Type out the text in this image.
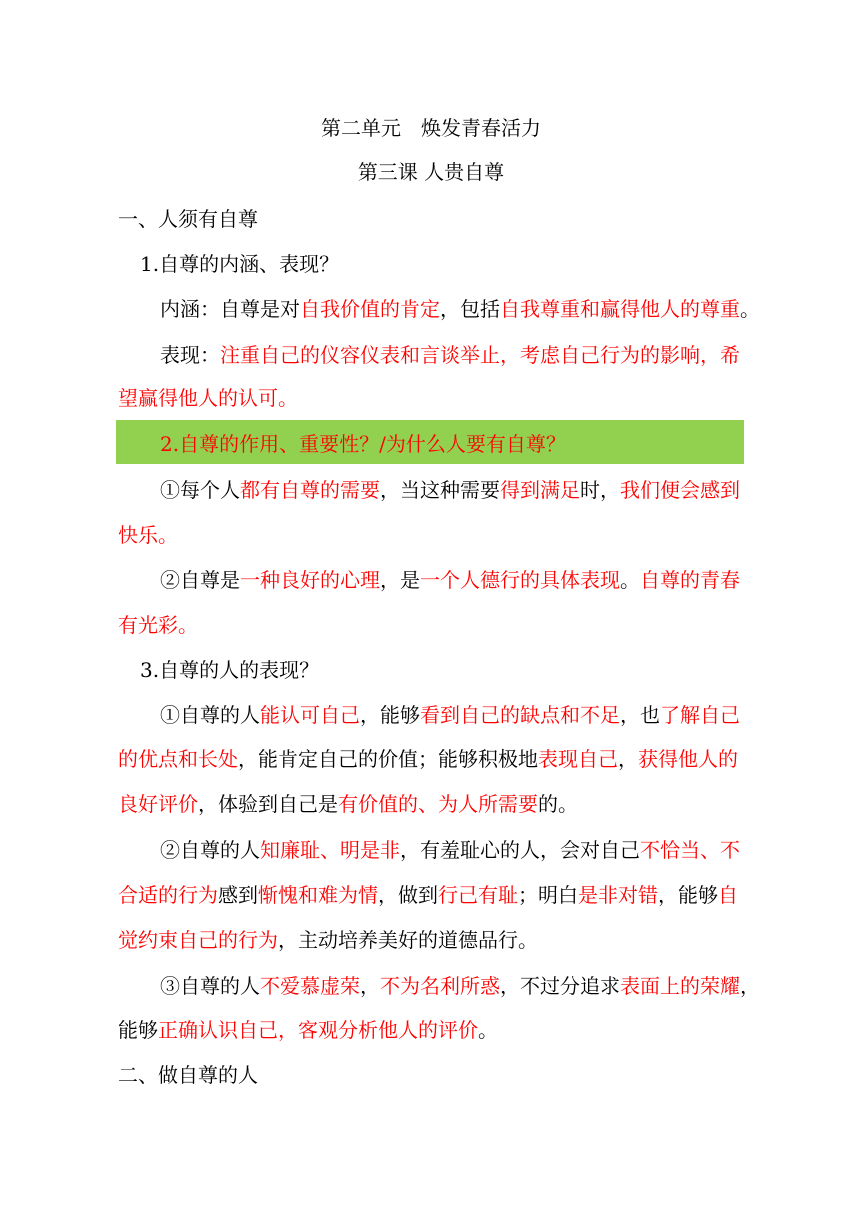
第二单元　焕发青春活力
第三课 人贵自尊
一、人须有自尊
1.自尊的内涵、表现？
内涵：自尊是对自我价值的肯定，包括自我尊重和赢得他人的尊重。
表现：注重自己的仪容仪表和言谈举止，考虑自己行为的影响，希
望赢得他人的认可。
2.自尊的作用、重要性？/为什么人要有自尊？
①每个人都有自尊的需要，当这种需要得到满足时，我们便会感到
快乐。
②自尊是一种良好的心理，是一个人德行的具体表现。自尊的青春
有光彩。
3.自尊的人的表现？
①自尊的人能认可自己，能够看到自己的缺点和不足，也了解自己
的优点和长处，能肯定自己的价值；能够积极地表现自己，获得他人的
良好评价，体验到自己是有价值的、为人所需要的。
②自尊的人知廉耻、明是非，有羞耻心的人，会对自己不恰当、不
合适的行为感到惭愧和难为情，做到行己有耻；明白是非对错，能够自
觉约束自己的行为，主动培养美好的道德品行。
③自尊的人不爱慕虚荣，不为名利所惑，不过分追求表面上的荣耀，
能够正确认识自己，客观分析他人的评价。
二、做自尊的人
